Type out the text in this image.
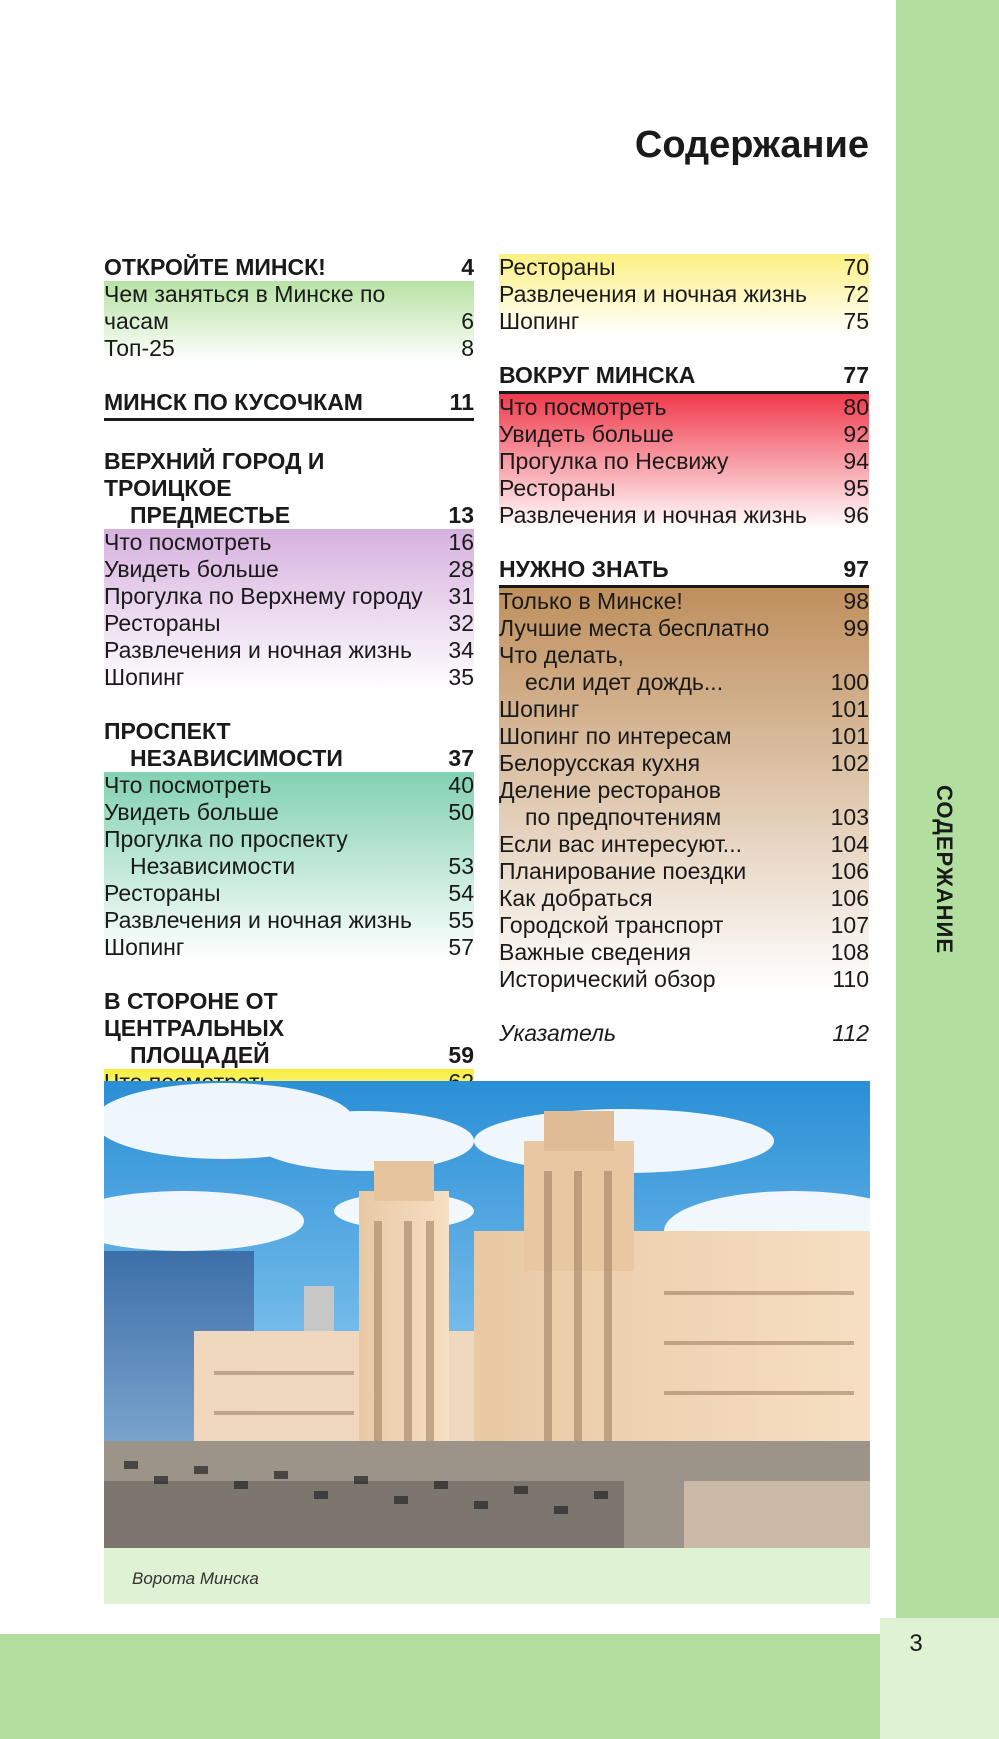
3
СОДЕРЖАНИЕ
Содержание
ОТКРОЙТЕ МИНСК!	4
Чем заняться в Минске по часам	6
Топ-25	8
МИНСК ПО КУСОЧКАМ	11
ВЕРХНИЙ ГОРОД И ТРОИЦКОЕ
ПРЕДМЕСТЬЕ	13
Что посмотреть	16
Увидеть больше	28
Прогулка по Верхнему городу	31
Рестораны	32
Развлечения и ночная жизнь	34
Шопинг	35
ПРОСПЕКТ
НЕЗАВИСИМОСТИ	37
Что посмотреть	40
Увидеть больше	50
Прогулка по проспекту
Независимости	53
Рестораны	54
Развлечения и ночная жизнь	55
Шопинг	57
В СТОРОНЕ ОТ ЦЕНТРАЛЬНЫХ
ПЛОЩАДЕЙ	59
Рестораны	70
Развлечения и ночная жизнь	72
Шопинг	75
ВОКРУГ МИНСКА	77
Что посмотреть	80
Увидеть больше	92
Прогулка по Несвижу	94
Рестораны	95
Развлечения и ночная жизнь	96
НУЖНО ЗНАТЬ	97
Только в Минске!	98
Лучшие места бесплатно	99
Что делать,
если идет дождь...	100
Шопинг	101
Шопинг по интересам	101
Белорусская кухня	102
Деление ресторанов
по предпочтениям	103
Если вас интересуют...	104
Планирование поездки	106
Как добраться	106
Городской транспорт	107
Важные сведения	108
Исторический обзор	110
Указатель	112
Ворота Минска
